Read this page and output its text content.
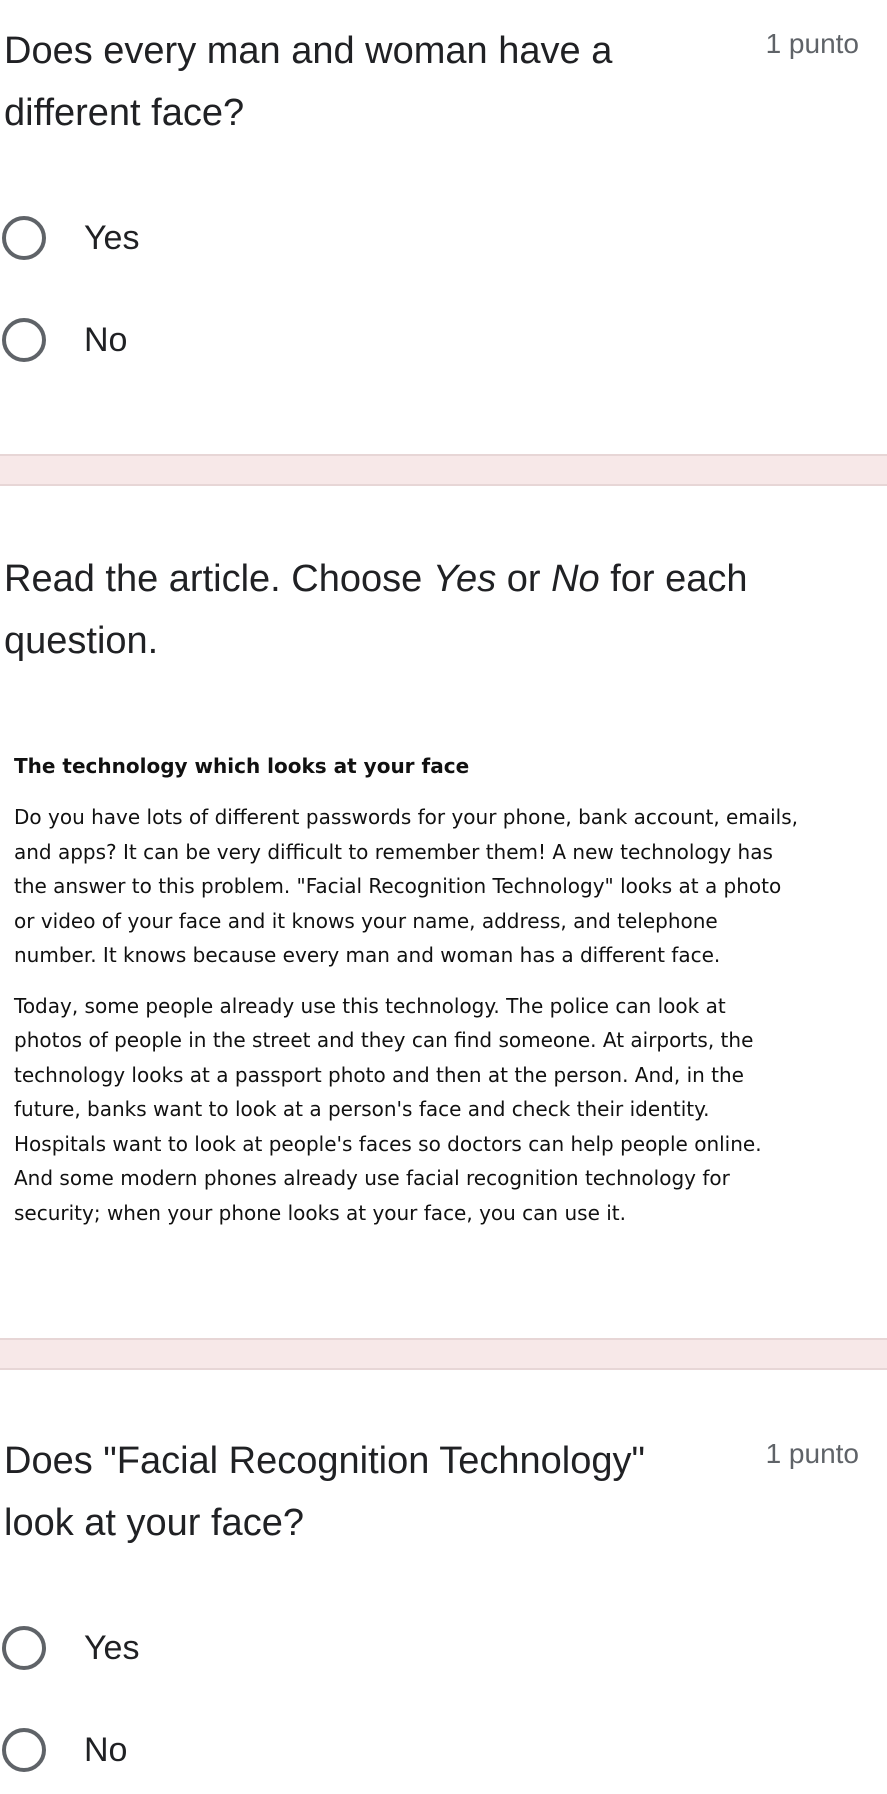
Does every man and woman have a
different face?
1 punto
Yes
No
Read the article. Choose Yes or No for each
question.
The technology which looks at your face
Do you have lots of different passwords for your phone, bank account, emails,
and apps? It can be very difficult to remember them! A new technology has
the answer to this problem. "Facial Recognition Technology" looks at a photo
or video of your face and it knows your name, address, and telephone
number. It knows because every man and woman has a different face.
Today, some people already use this technology. The police can look at
photos of people in the street and they can find someone. At airports, the
technology looks at a passport photo and then at the person. And, in the
future, banks want to look at a person's face and check their identity.
Hospitals want to look at people's faces so doctors can help people online.
And some modern phones already use facial recognition technology for
security; when your phone looks at your face, you can use it.
Does "Facial Recognition Technology"
look at your face?
1 punto
Yes
No
